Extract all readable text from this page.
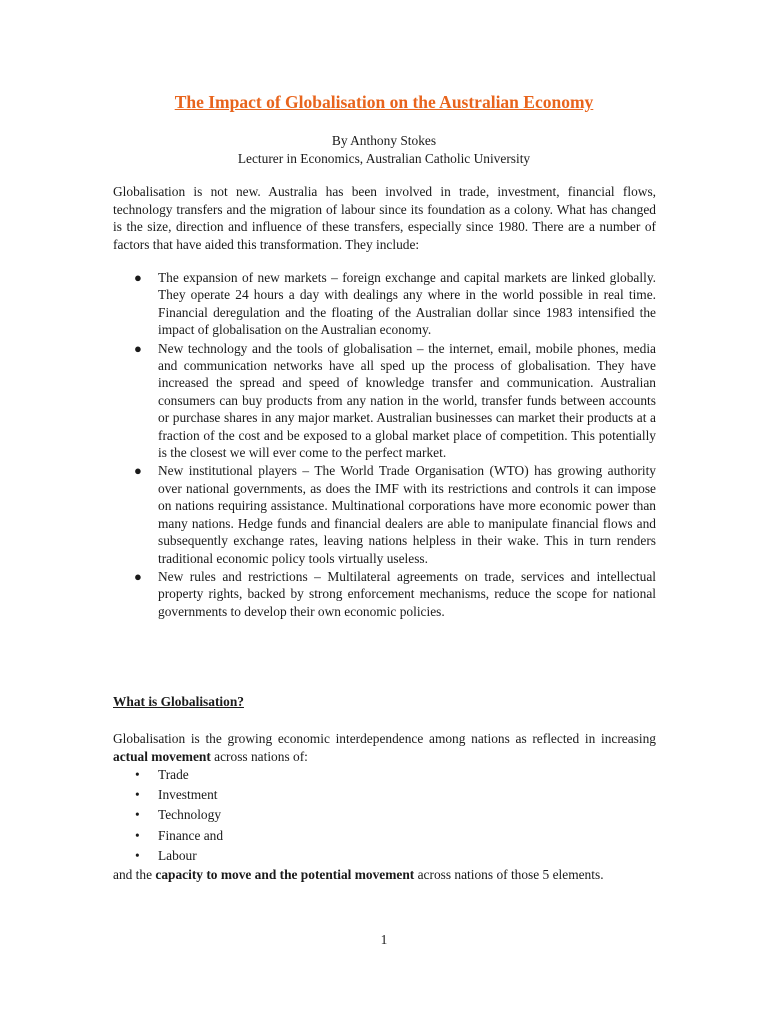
The Impact of Globalisation on the Australian Economy
By Anthony Stokes
Lecturer in Economics, Australian Catholic University

Globalisation is not new. Australia has been involved in trade, investment, financial flows, technology transfers and the migration of labour since its foundation as a colony. What has changed is the size, direction and influence of these transfers, especially since 1980. There are a number of factors that have aided this transformation. They include:

● The expansion of new markets – foreign exchange and capital markets are linked globally. They operate 24 hours a day with dealings any where in the world possible in real time. Financial deregulation and the floating of the Australian dollar since 1983 intensified the impact of globalisation on the Australian economy.
● New technology and the tools of globalisation – the internet, email, mobile phones, media and communication networks have all sped up the process of globalisation. They have increased the spread and speed of knowledge transfer and communication. Australian consumers can buy products from any nation in the world, transfer funds between accounts or purchase shares in any major market. Australian businesses can market their products at a fraction of the cost and be exposed to a global market place of competition. This potentially is the closest we will ever come to the perfect market.
● New institutional players – The World Trade Organisation (WTO) has growing authority over national governments, as does the IMF with its restrictions and controls it can impose on nations requiring assistance. Multinational corporations have more economic power than many nations. Hedge funds and financial dealers are able to manipulate financial flows and subsequently exchange rates, leaving nations helpless in their wake. This in turn renders traditional economic policy tools virtually useless.
● New rules and restrictions – Multilateral agreements on trade, services and intellectual property rights, backed by strong enforcement mechanisms, reduce the scope for national governments to develop their own economic policies.
What is Globalisation?

Globalisation is the growing economic interdependence among nations as reflected in increasing actual movement across nations of:

• Trade
• Investment
• Technology
• Finance and
• Labour

and the capacity to move and the potential movement across nations of those 5 elements.

1
